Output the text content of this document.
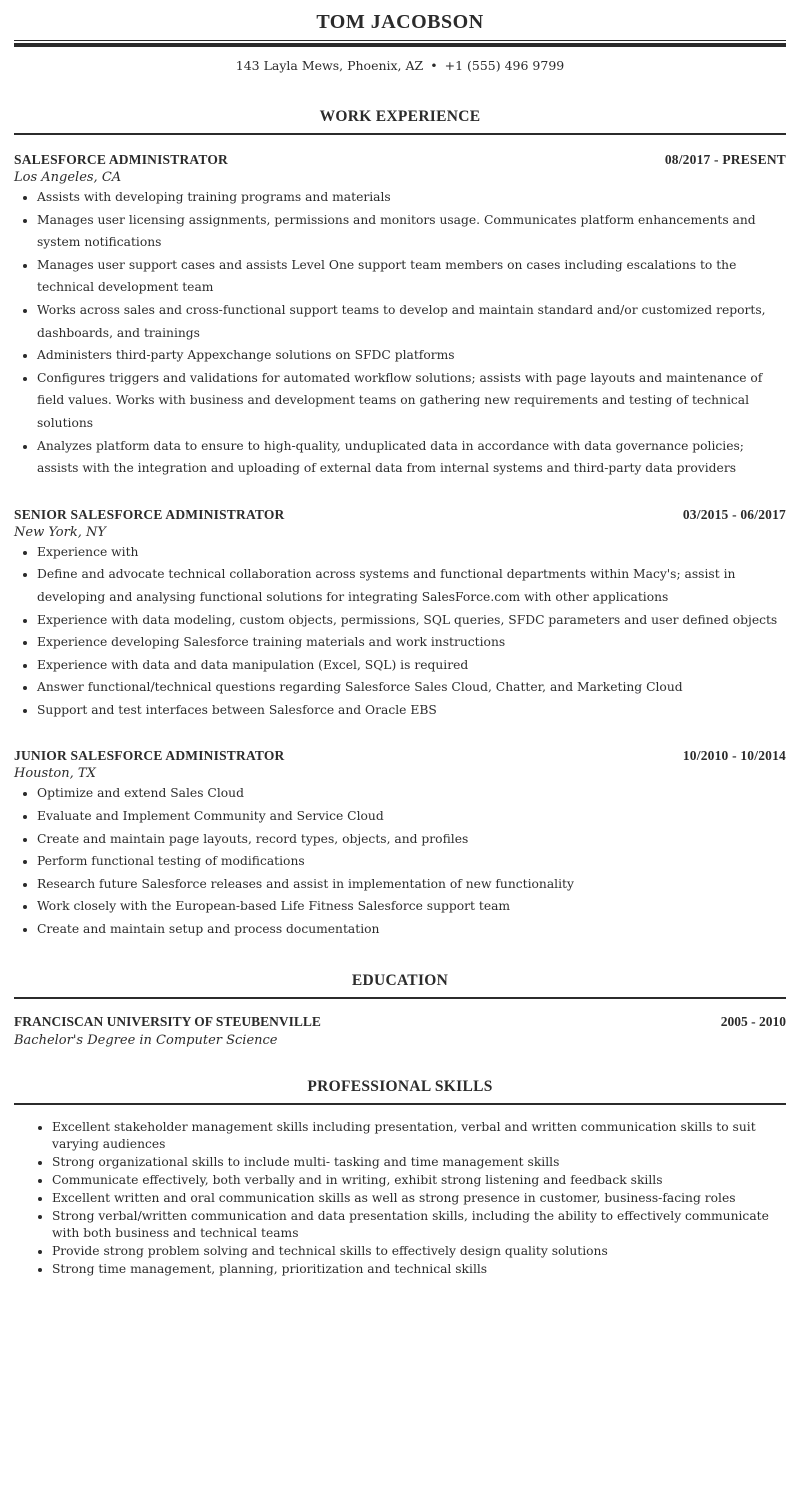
TOM JACOBSON
143 Layla Mews, Phoenix, AZ • +1 (555) 496 9799
WORK EXPERIENCE
SALESFORCE ADMINISTRATOR	08/2017 - PRESENT
Los Angeles, CA
• Assists with developing training programs and materials
• Manages user licensing assignments, permissions and monitors usage. Communicates platform enhancements and system notifications
• Manages user support cases and assists Level One support team members on cases including escalations to the technical development team
• Works across sales and cross-functional support teams to develop and maintain standard and/or customized reports, dashboards, and trainings
• Administers third-party Appexchange solutions on SFDC platforms
• Configures triggers and validations for automated workflow solutions; assists with page layouts and maintenance of field values. Works with business and development teams on gathering new requirements and testing of technical solutions
• Analyzes platform data to ensure to high-quality, unduplicated data in accordance with data governance policies; assists with the integration and uploading of external data from internal systems and third-party data providers
SENIOR SALESFORCE ADMINISTRATOR	03/2015 - 06/2017
New York, NY
• Experience with
• Define and advocate technical collaboration across systems and functional departments within Macy's; assist in developing and analysing functional solutions for integrating SalesForce.com with other applications
• Experience with data modeling, custom objects, permissions, SQL queries, SFDC parameters and user defined objects
• Experience developing Salesforce training materials and work instructions
• Experience with data and data manipulation (Excel, SQL) is required
• Answer functional/technical questions regarding Salesforce Sales Cloud, Chatter, and Marketing Cloud
• Support and test interfaces between Salesforce and Oracle EBS
JUNIOR SALESFORCE ADMINISTRATOR	10/2010 - 10/2014
Houston, TX
• Optimize and extend Sales Cloud
• Evaluate and Implement Community and Service Cloud
• Create and maintain page layouts, record types, objects, and profiles
• Perform functional testing of modifications
• Research future Salesforce releases and assist in implementation of new functionality
• Work closely with the European-based Life Fitness Salesforce support team
• Create and maintain setup and process documentation
EDUCATION
FRANCISCAN UNIVERSITY OF STEUBENVILLE	2005 - 2010
Bachelor's Degree in Computer Science
PROFESSIONAL SKILLS
• Excellent stakeholder management skills including presentation, verbal and written communication skills to suit varying audiences
• Strong organizational skills to include multi- tasking and time management skills
• Communicate effectively, both verbally and in writing, exhibit strong listening and feedback skills
• Excellent written and oral communication skills as well as strong presence in customer, business-facing roles
• Strong verbal/written communication and data presentation skills, including the ability to effectively communicate with both business and technical teams
• Provide strong problem solving and technical skills to effectively design quality solutions
• Strong time management, planning, prioritization and technical skills
